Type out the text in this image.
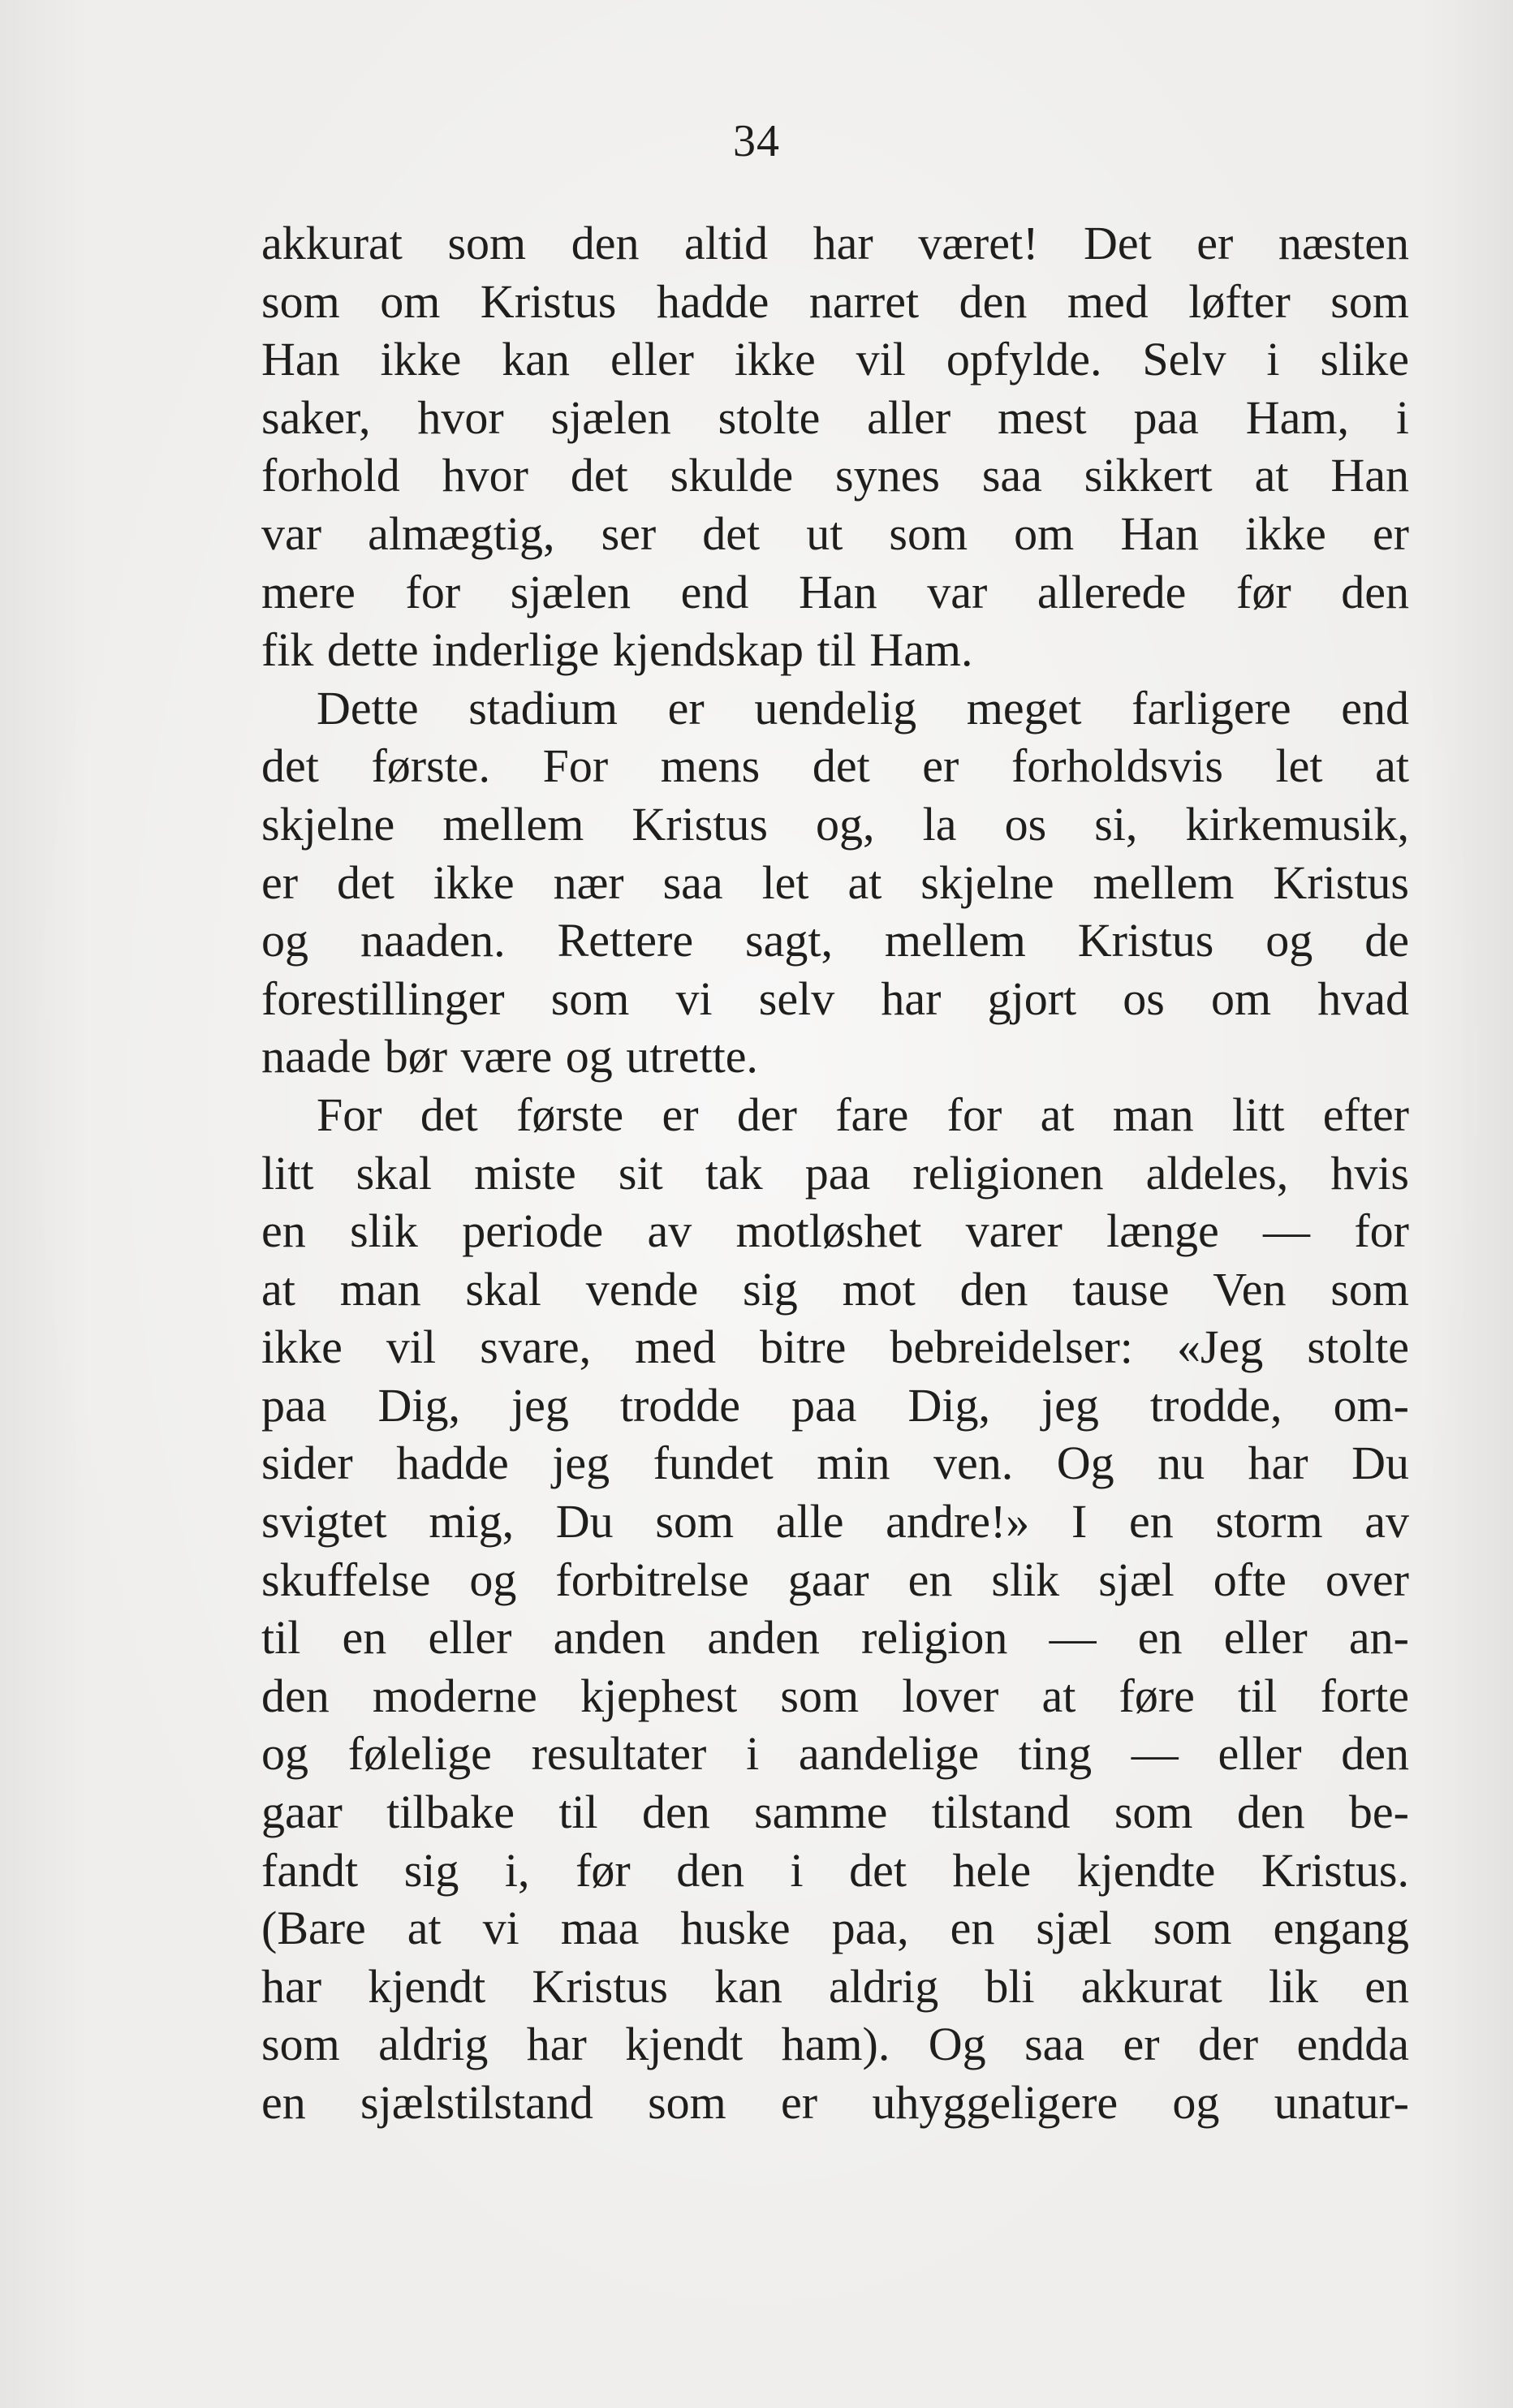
34
akkurat som den altid har været! Det er næsten
som om Kristus hadde narret den med løfter som
Han ikke kan eller ikke vil opfylde. Selv i slike
saker, hvor sjælen stolte aller mest paa Ham, i
forhold hvor det skulde synes saa sikkert at Han
var almægtig, ser det ut som om Han ikke er
mere for sjælen end Han var allerede før den
fik dette inderlige kjendskap til Ham.
Dette stadium er uendelig meget farligere end
det første. For mens det er forholdsvis let at
skjelne mellem Kristus og, la os si, kirkemusik,
er det ikke nær saa let at skjelne mellem Kristus
og naaden. Rettere sagt, mellem Kristus og de
forestillinger som vi selv har gjort os om hvad
naade bør være og utrette.
For det første er der fare for at man litt efter
litt skal miste sit tak paa religionen aldeles, hvis
en slik periode av motløshet varer længe — for
at man skal vende sig mot den tause Ven som
ikke vil svare, med bitre bebreidelser: «Jeg stolte
paa Dig, jeg trodde paa Dig, jeg trodde, om-
sider hadde jeg fundet min ven. Og nu har Du
svigtet mig, Du som alle andre!» I en storm av
skuffelse og forbitrelse gaar en slik sjæl ofte over
til en eller anden anden religion — en eller an-
den moderne kjephest som lover at føre til forte
og følelige resultater i aandelige ting — eller den
gaar tilbake til den samme tilstand som den be-
fandt sig i, før den i det hele kjendte Kristus.
(Bare at vi maa huske paa, en sjæl som engang
har kjendt Kristus kan aldrig bli akkurat lik en
som aldrig har kjendt ham). Og saa er der endda
en sjælstilstand som er uhyggeligere og unatur-
